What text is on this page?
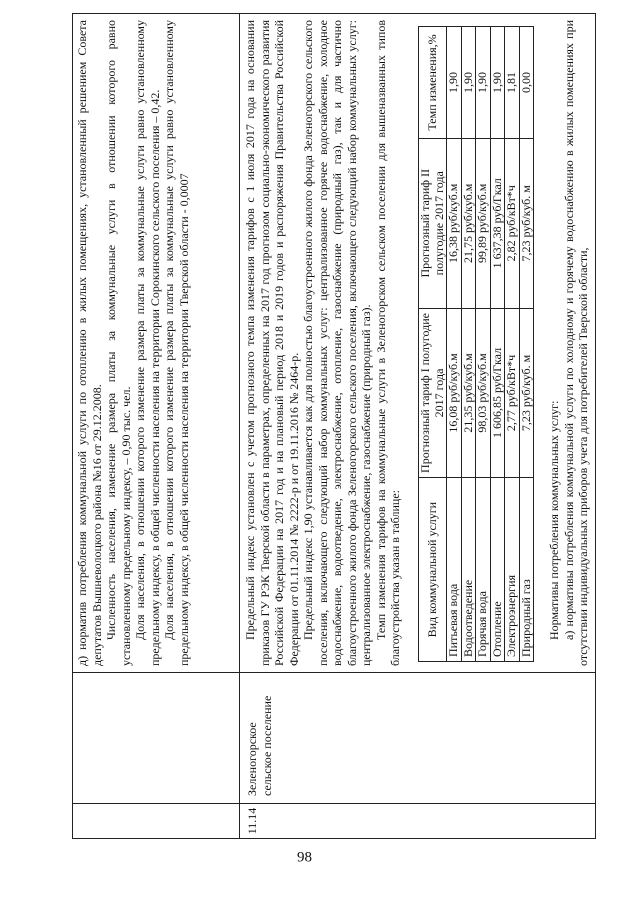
98

д) норматив потребления коммунальной услуги по отоплению в жилых помещениях, установленный решением Совета депутатов Вышневолоцкого района №16 от 29.12.2008. Численность населения, изменение размера платы за коммунальные услуги в отношении которого равно установленному предельному индексу, – 0,90 тыс. чел. Доля населения, в отношении которого изменение размера платы за коммунальные услуги равно установленному предельному индексу, в общей численности населения на территории Сорокинского сельского поселения – 0,42. Доля населения, в отношении которого изменение размера платы за коммунальные услуги равно установленному предельному индексу, в общей численности населения на территории Тверской области - 0,0007

11.14
Зеленогорское сельское поселение

Предельный индекс установлен с учетом прогнозного темпа изменения тарифов с 1 июля 2017 года на основании приказов ГУ РЭК Тверской области в параметрах, определенных на 2017 год прогнозом социально-экономического развития Российской Федерации на 2017 год и на плановый период 2018 и 2019 годов и распоряжения Правительства Российской Федерации от 01.11.2014 № 2222-р и от 19.11.2016 № 2464-р. Предельный индекс 1,90 устанавливается как для полностью благоустроенного жилого фонда Зеленогорского сельского поселения, включающего следующий набор коммунальных услуг: централизованное горячее водоснабжение, холодное водоснабжение, водоотведение, электроснабжение, отопление, газоснабжение (природный газ), так и для частично благоустроенного жилого фонда Зеленогорского сельского поселения, включающего следующий набор коммунальных услуг: централизованное электроснабжение, газоснабжение (природный газ). Темп изменения тарифов на коммунальные услуги в Зеленогорском сельском поселении для вышеназванных типов благоустройства указан в таблице: Вид коммунальной услуги	Прогнозный тариф I полугодие 2017 года	Прогнозный тариф II полугодие 2017 года	Темп изменения,%
Питьевая вода	16,08 руб/куб.м	16,38 руб/куб.м	1,90
Водоотведение	21,35 руб/куб.м	21,75 руб/куб.м	1,90
Горячая вода	98,03 руб/куб.м	99,89 руб/куб.м	1,90
Отопление	1 606,85 руб/Гкал	1 637,38 руб/Гкал	1,90
Электроэнергия	2,77 руб/кВт*ч	2,82 руб/кВт*ч	1,81
Природный газ	7,23 руб/куб. м	7,23 руб/куб. м	0,00

Нормативы потребления коммунальных услуг: а) нормативы потребления коммунальной услуги по холодному и горячему водоснабжению в жилых помещениях при отсутствии индивидуальных приборов учета для потребителей Тверской области,
